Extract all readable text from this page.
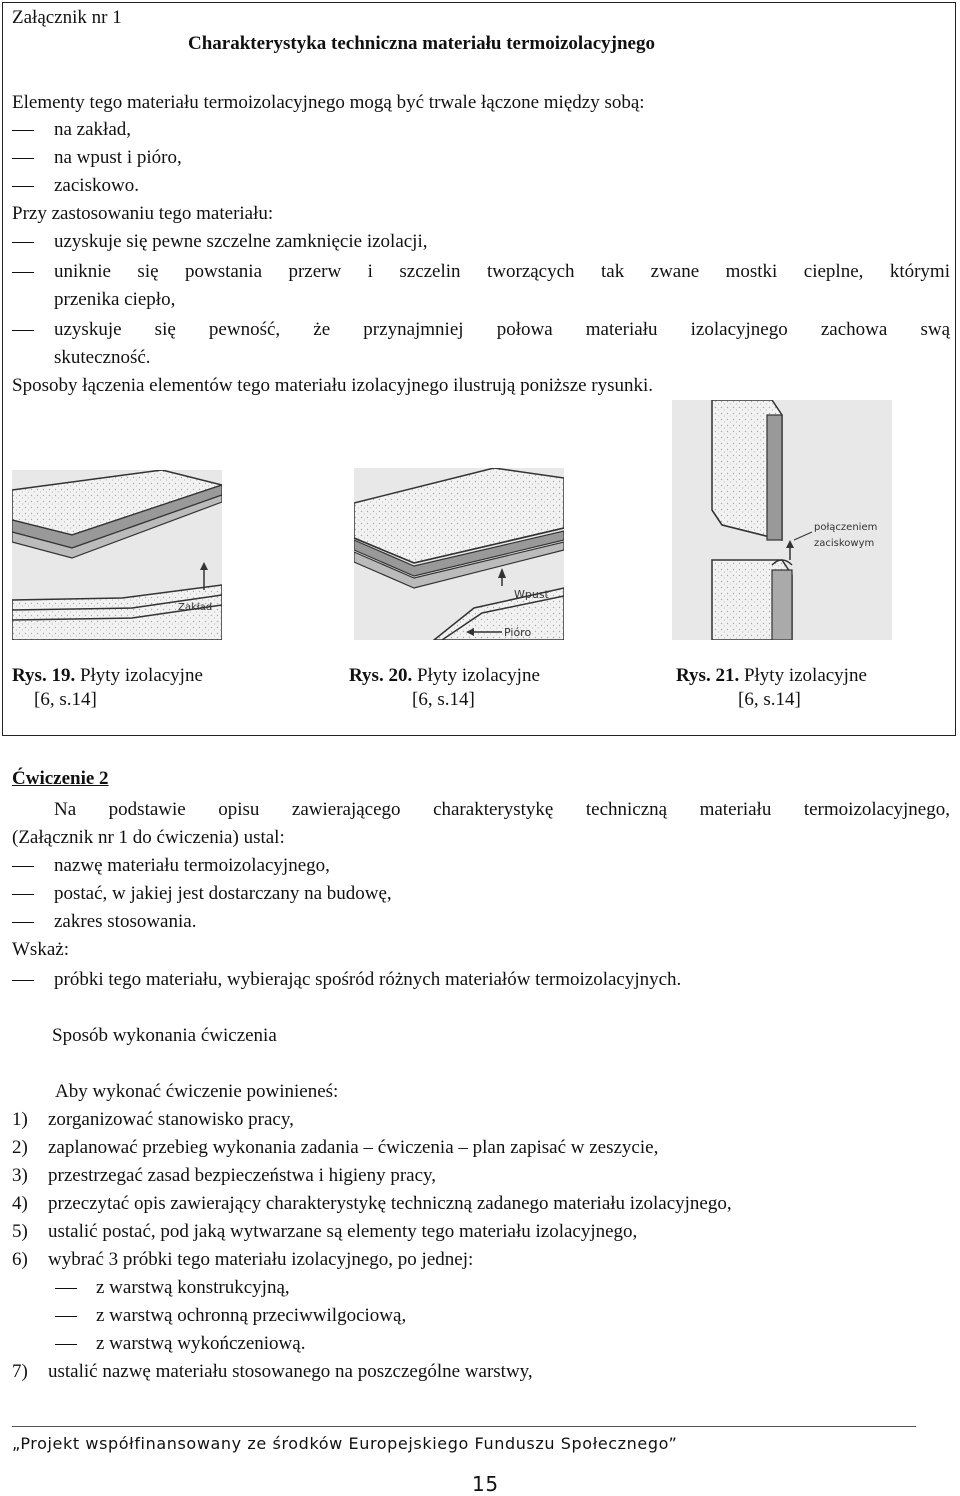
Załącznik nr 1
Charakterystyka techniczna materiału termoizolacyjnego
Elementy tego materiału termoizolacyjnego mogą być trwale łączone między sobą:
na zakład,
na wpust i pióro,
zaciskowo.
Przy zastosowaniu tego materiału:
uzyskuje się pewne szczelne zamknięcie izolacji,
uniknie się powstania przerw i szczelin tworzących tak zwane mostki cieplne, którymi
przenika ciepło,
uzyskuje się pewność, że przynajmniej połowa materiału izolacyjnego zachowa swą
skuteczność.
Sposoby łączenia elementów tego materiału izolacyjnego ilustrują poniższe rysunki.
Zakład
Wpust
Pióro
połączeniem
zaciskowym
Rys. 19. Płyty izolacyjne
[6, s.14]
Rys. 20. Płyty izolacyjne
[6, s.14]
Rys. 21. Płyty izolacyjne
[6, s.14]
Ćwiczenie 2
Na podstawie opisu zawierającego charakterystykę techniczną materiału termoizolacyjnego,
(Załącznik nr 1 do ćwiczenia) ustal:
nazwę materiału termoizolacyjnego,
postać, w jakiej jest dostarczany na budowę,
zakres stosowania.
Wskaż:
próbki tego materiału, wybierając spośród różnych materiałów termoizolacyjnych.
Sposób wykonania ćwiczenia
Aby wykonać ćwiczenie powinieneś:
1) zorganizować stanowisko pracy,
2) zaplanować przebieg wykonania zadania – ćwiczenia – plan zapisać w zeszycie,
3) przestrzegać zasad bezpieczeństwa i higieny pracy,
4) przeczytać opis zawierający charakterystykę techniczną zadanego materiału izolacyjnego,
5) ustalić postać, pod jaką wytwarzane są elementy tego materiału izolacyjnego,
6) wybrać 3 próbki tego materiału izolacyjnego, po jednej:
z warstwą konstrukcyjną,
z warstwą ochronną przeciwwilgociową,
z warstwą wykończeniową.
7) ustalić nazwę materiału stosowanego na poszczególne warstwy,
„Projekt współfinansowany ze środków Europejskiego Funduszu Społecznego”
15
